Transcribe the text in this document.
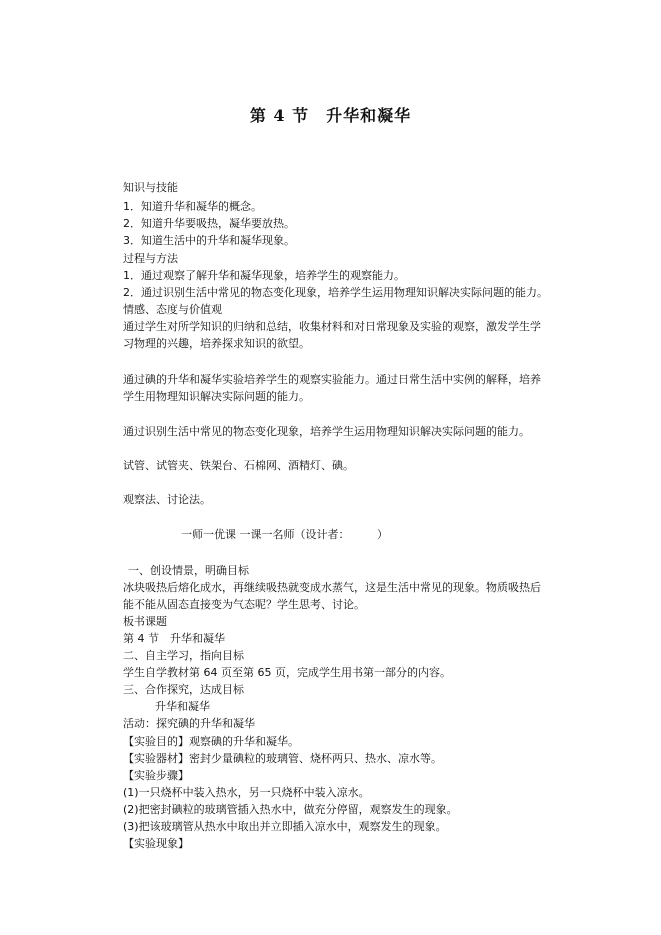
第 4 节　升华和凝华
知识与技能
1．知道升华和凝华的概念。
2．知道升华要吸热，凝华要放热。
3．知道生活中的升华和凝华现象。
过程与方法
1．通过观察了解升华和凝华现象，培养学生的观察能力。
2．通过识别生活中常见的物态变化现象，培养学生运用物理知识解决实际问题的能力。
情感、态度与价值观
通过学生对所学知识的归纳和总结，收集材料和对日常现象及实验的观察，激发学生学
习物理的兴趣，培养探求知识的欲望。
通过碘的升华和凝华实验培养学生的观察实验能力。通过日常生活中实例的解释，培养
学生用物理知识解决实际问题的能力。
通过识别生活中常见的物态变化现象，培养学生运用物理知识解决实际问题的能力。
试管、试管夹、铁架台、石棉网、酒精灯、碘。
观察法、讨论法。
一师一优课 一课一名师（设计者：　　　）
一、创设情景，明确目标
冰块吸热后熔化成水，再继续吸热就变成水蒸气，这是生活中常见的现象。物质吸热后
能不能从固态直接变为气态呢？学生思考、讨论。
板书课题
第 4 节　升华和凝华
二、自主学习，指向目标
学生自学教材第 64 页至第 65 页，完成学生用书第一部分的内容。
三、合作探究，达成目标
升华和凝华
活动：探究碘的升华和凝华
【实验目的】观察碘的升华和凝华。
【实验器材】密封少量碘粒的玻璃管、烧杯两只、热水、凉水等。
【实验步骤】
(1)一只烧杯中装入热水，另一只烧杯中装入凉水。
(2)把密封碘粒的玻璃管插入热水中，做充分停留，观察发生的现象。
(3)把该玻璃管从热水中取出并立即插入凉水中，观察发生的现象。
【实验现象】
